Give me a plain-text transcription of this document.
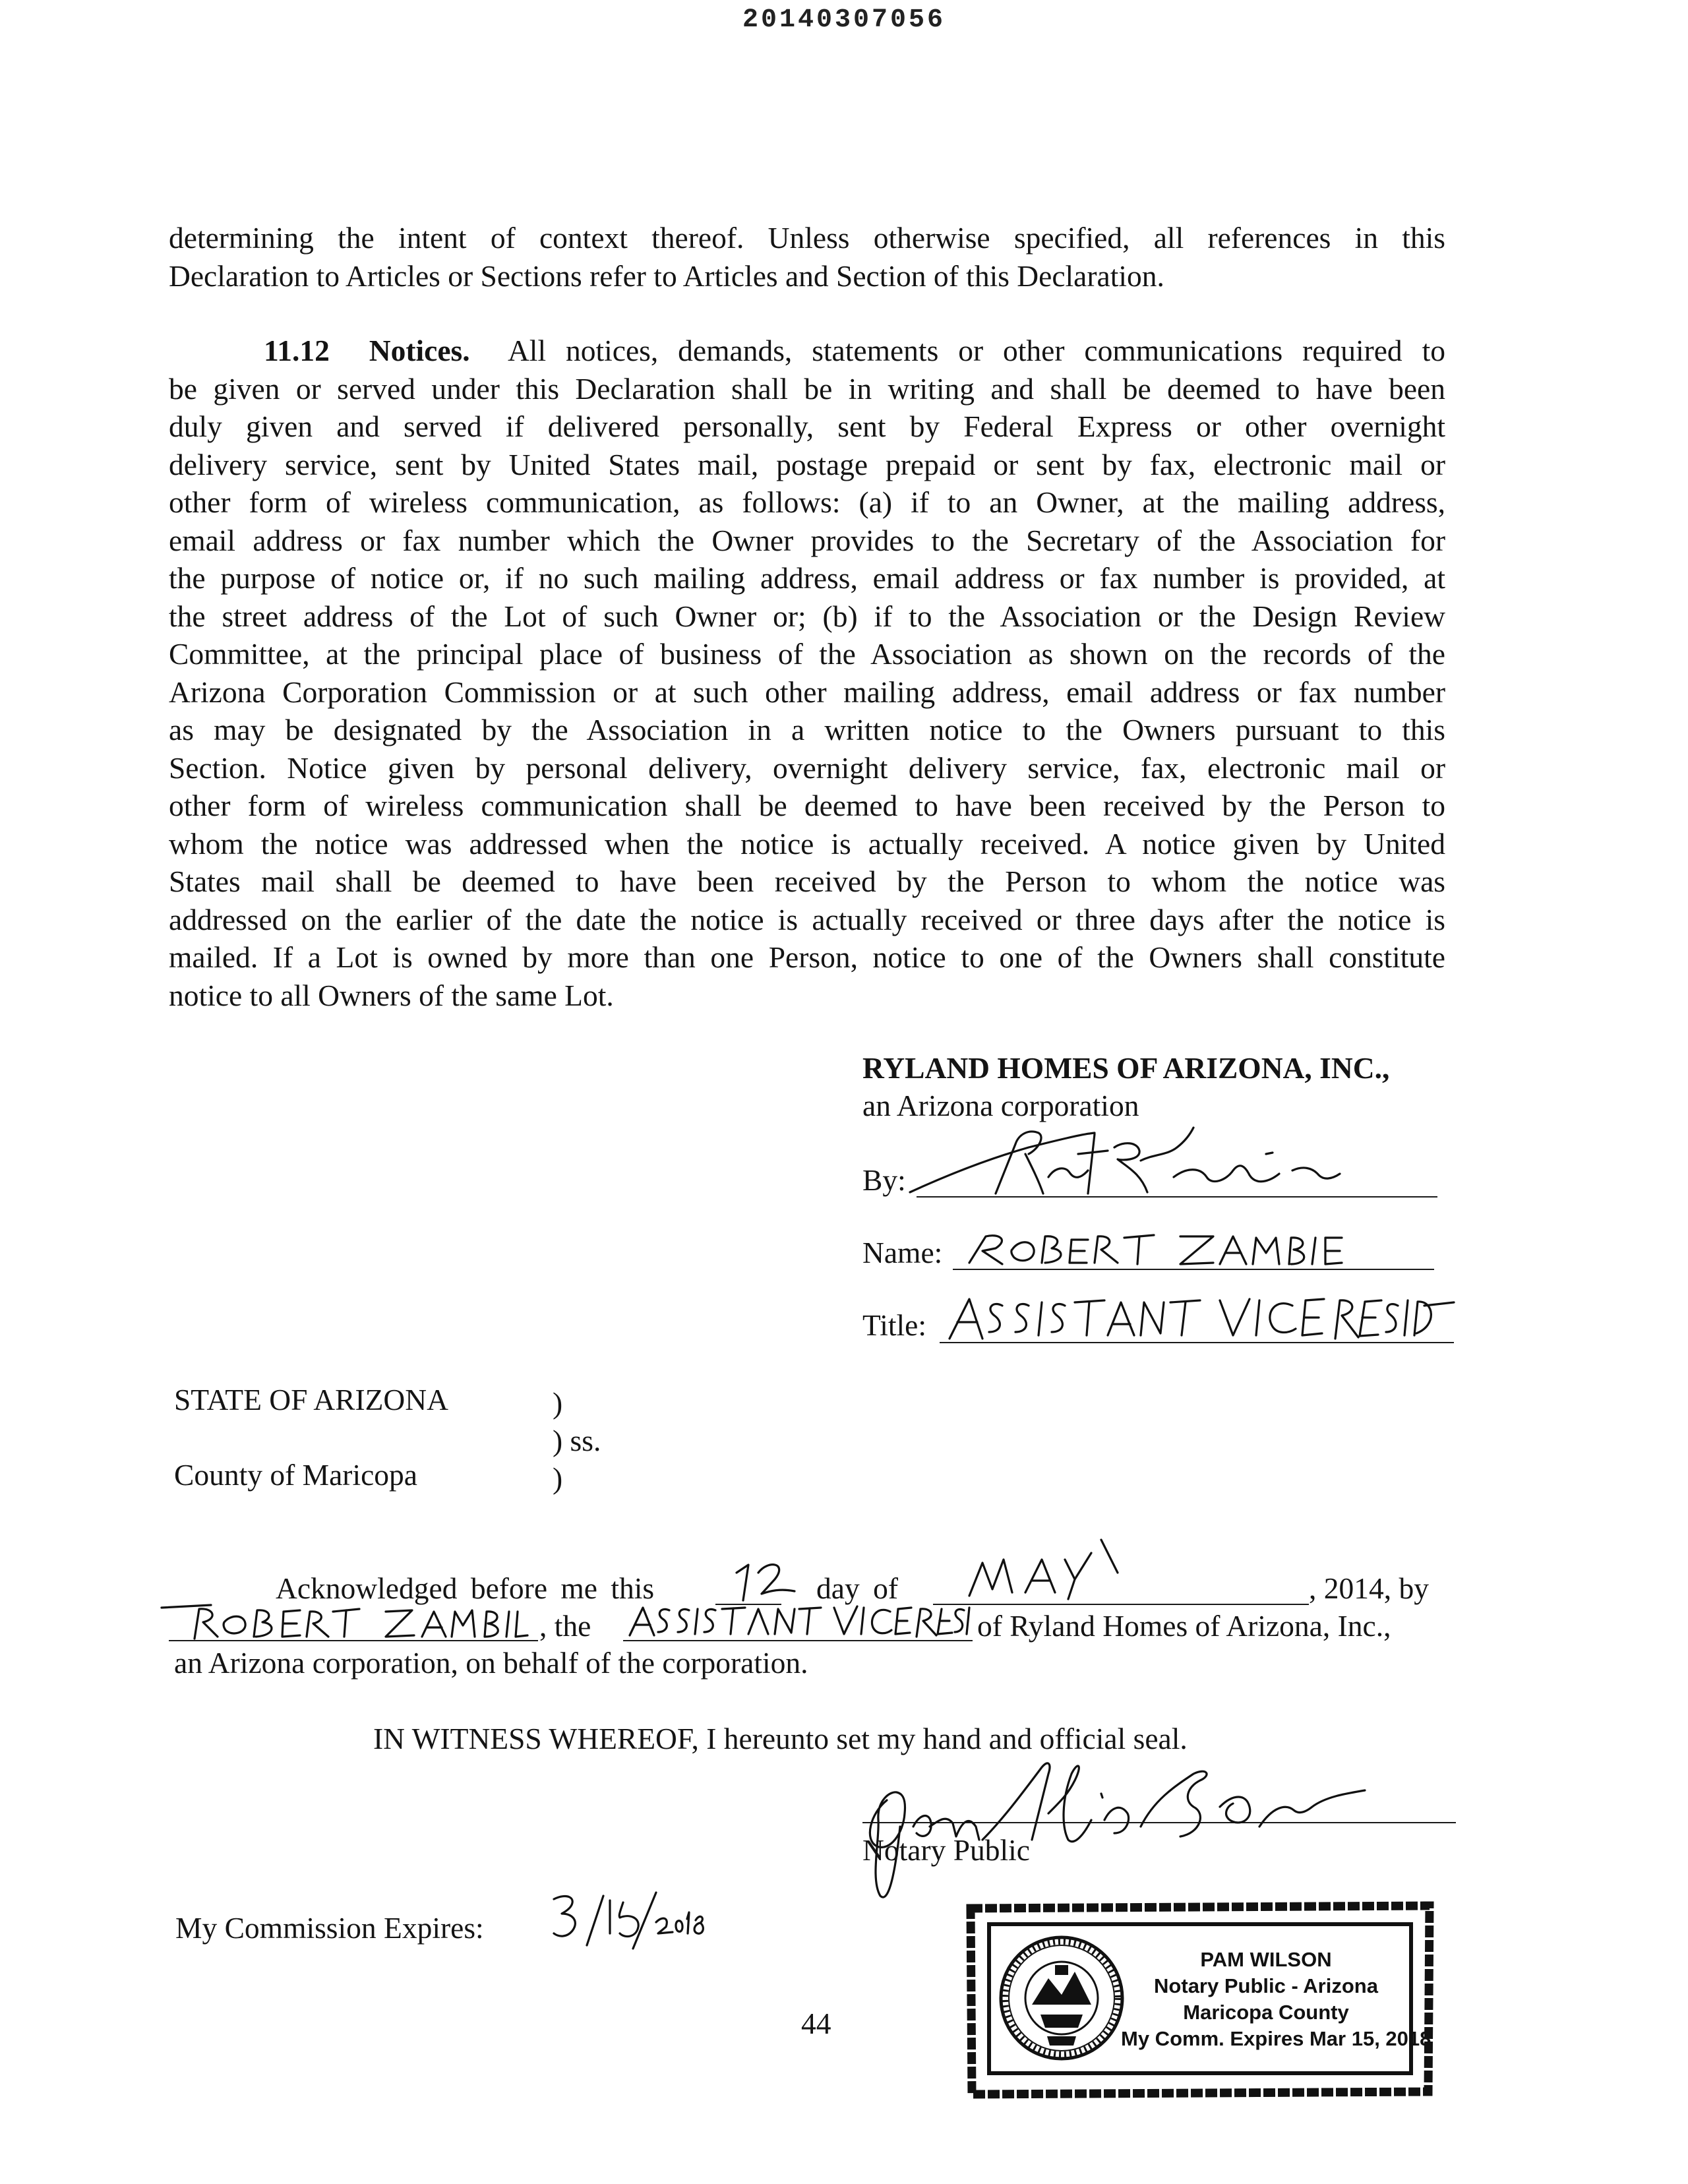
20140307056
determining the intent of context thereof. Unless otherwise specified, all references in this
Declaration to Articles or Sections refer to Articles and Section of this Declaration.
11.12 Notices. All notices, demands, statements or other communications required to
be given or served under this Declaration shall be in writing and shall be deemed to have been
duly given and served if delivered personally, sent by Federal Express or other overnight
delivery service, sent by United States mail, postage prepaid or sent by fax, electronic mail or
other form of wireless communication, as follows: (a) if to an Owner, at the mailing address,
email address or fax number which the Owner provides to the Secretary of the Association for
the purpose of notice or, if no such mailing address, email address or fax number is provided, at
the street address of the Lot of such Owner or; (b) if to the Association or the Design Review
Committee, at the principal place of business of the Association as shown on the records of the
Arizona Corporation Commission or at such other mailing address, email address or fax number
as may be designated by the Association in a written notice to the Owners pursuant to this
Section. Notice given by personal delivery, overnight delivery service, fax, electronic mail or
other form of wireless communication shall be deemed to have been received by the Person to
whom the notice was addressed when the notice is actually received. A notice given by United
States mail shall be deemed to have been received by the Person to whom the notice was
addressed on the earlier of the date the notice is actually received or three days after the notice is
mailed. If a Lot is owned by more than one Person, notice to one of the Owners shall constitute
notice to all Owners of the same Lot.
RYLAND HOMES OF ARIZONA, INC.,
an Arizona corporation
By:
Name:
Title:
STATE OF ARIZONA	)
) ss.
County of Maricopa	)
Acknowledged before me this	day of	, 2014, by
, the	of Ryland Homes of Arizona, Inc.,
an Arizona corporation, on behalf of the corporation.
IN WITNESS WHEREOF, I hereunto set my hand and official seal.
Notary Public
My Commission Expires:
44
PAM WILSON
Notary Public - Arizona
Maricopa County
My Comm. Expires Mar 15, 2018
